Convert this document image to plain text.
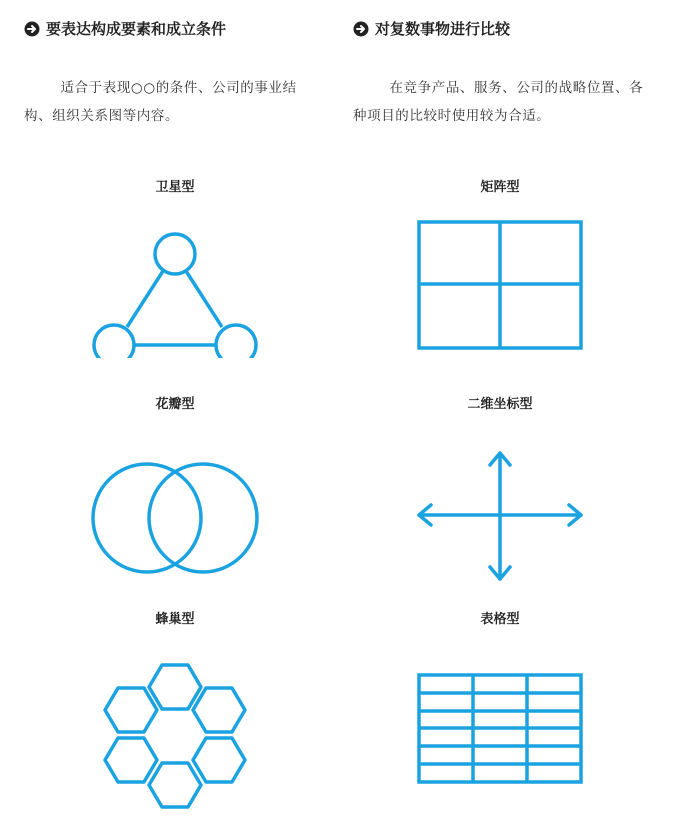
要表达构成要素和成立条件
适合于表现○○的条件、公司的事业结构、组织关系图等内容。
对复数事物进行比较
在竞争产品、服务、公司的战略位置、各种项目的比较时使用较为合适。
卫星型	矩阵型
花瓣型	二维坐标型
蜂巢型	表格型
